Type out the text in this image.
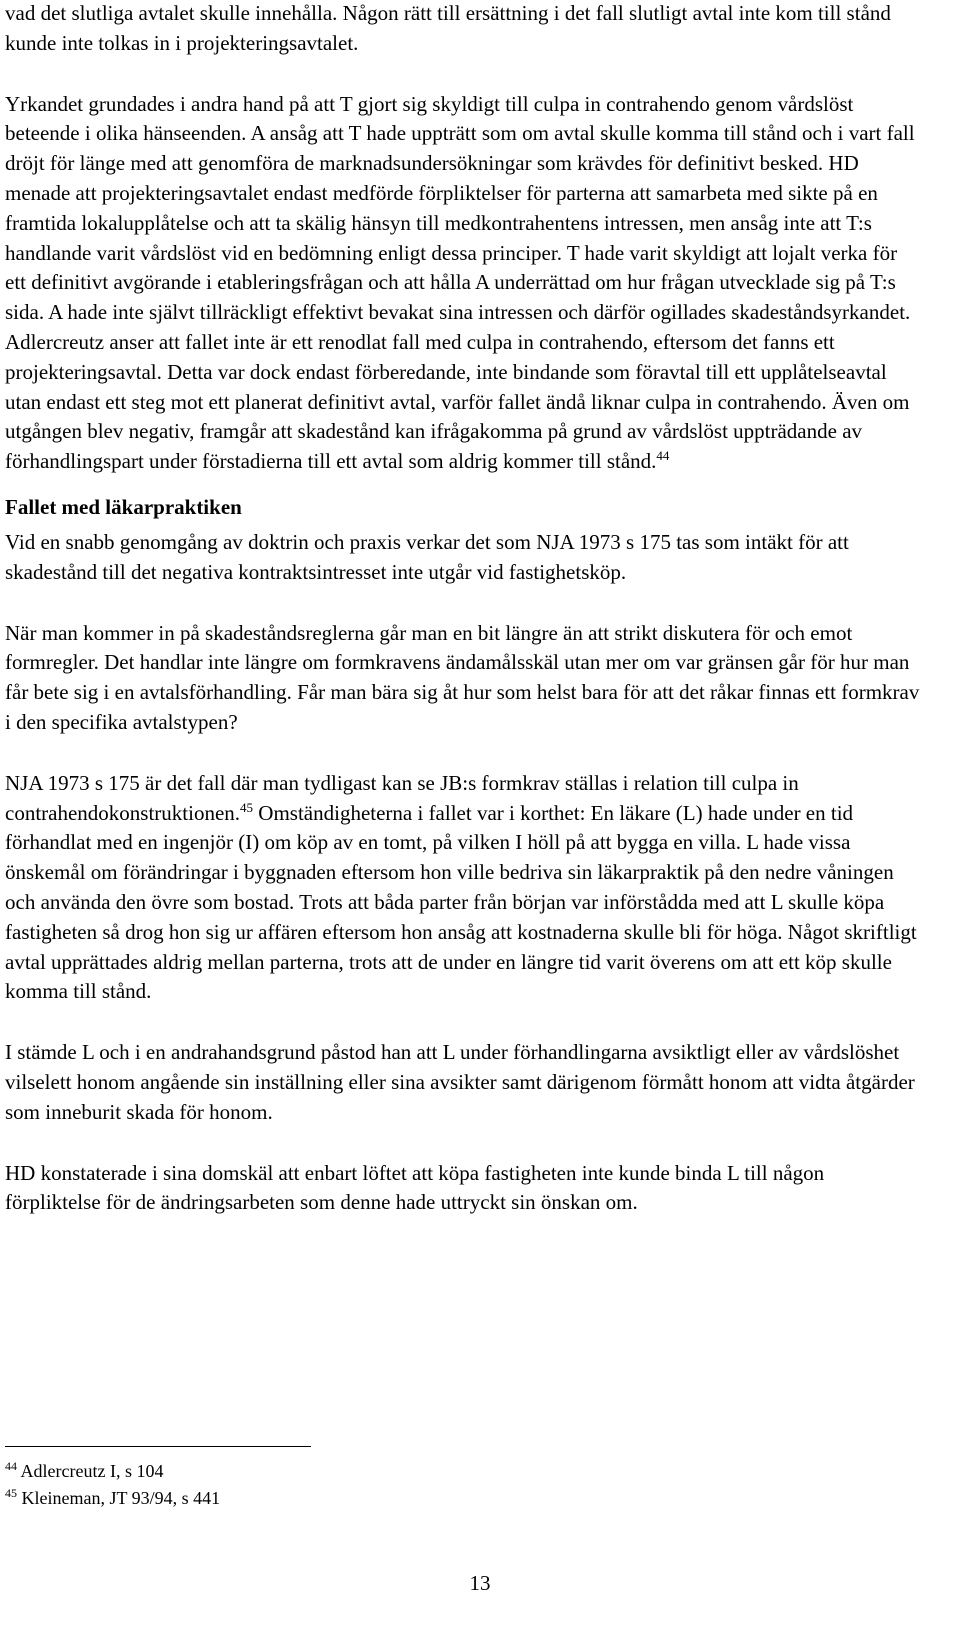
vad det slutliga avtalet skulle innehålla. Någon rätt till ersättning i det fall slutligt avtal inte kom till stånd kunde inte tolkas in i projekteringsavtalet.

Yrkandet grundades i andra hand på att T gjort sig skyldigt till culpa in contrahendo genom vårdslöst beteende i olika hänseenden. A ansåg att T hade uppträtt som om avtal skulle komma till stånd och i vart fall dröjt för länge med att genomföra de marknadsundersökningar som krävdes för definitivt besked. HD menade att projekteringsavtalet endast medförde förpliktelser för parterna att samarbeta med sikte på en framtida lokalupplåtelse och att ta skälig hänsyn till medkontrahentens intressen, men ansåg inte att T:s handlande varit vårdslöst vid en bedömning enligt dessa principer. T hade varit skyldigt att lojalt verka för ett definitivt avgörande i etableringsfrågan och att hålla A underrättad om hur frågan utvecklade sig på T:s sida. A hade inte självt tillräckligt effektivt bevakat sina intressen och därför ogillades skadeståndsyrkandet. Adlercreutz anser att fallet inte är ett renodlat fall med culpa in contrahendo, eftersom det fanns ett projekteringsavtal. Detta var dock endast förberedande, inte bindande som föravtal till ett upplåtelseavtal utan endast ett steg mot ett planerat definitivt avtal, varför fallet ändå liknar culpa in contrahendo. Även om utgången blev negativ, framgår att skadestånd kan ifrågakomma på grund av vårdslöst uppträdande av förhandlingspart under förstadierna till ett avtal som aldrig kommer till stånd.$^{44}$

Fallet med läkarpraktiken

Vid en snabb genomgång av doktrin och praxis verkar det som NJA 1973 s 175 tas som intäkt för att skadestånd till det negativa kontraktsintresset inte utgår vid fastighetsköp.

När man kommer in på skadeståndsreglerna går man en bit längre än att strikt diskutera för och emot formregler. Det handlar inte längre om formkravens ändamålsskäl utan mer om var gränsen går för hur man får bete sig i en avtalsförhandling. Får man bära sig åt hur som helst bara för att det råkar finnas ett formkrav i den specifika avtalstypen?

NJA 1973 s 175 är det fall där man tydligast kan se JB:s formkrav ställas i relation till culpa in contrahendokonstruktionen.$^{45}$ Omständigheterna i fallet var i korthet: En läkare (L) hade under en tid förhandlat med en ingenjör (I) om köp av en tomt, på vilken I höll på att bygga en villa. L hade vissa önskemål om förändringar i byggnaden eftersom hon ville bedriva sin läkarpraktik på den nedre våningen och använda den övre som bostad. Trots att båda parter från början var införstådda med att L skulle köpa fastigheten så drog hon sig ur affären eftersom hon ansåg att kostnaderna skulle bli för höga. Något skriftligt avtal upprättades aldrig mellan parterna, trots att de under en längre tid varit överens om att ett köp skulle komma till stånd.

I stämde L och i en andrahandsgrund påstod han att L under förhandlingarna avsiktligt eller av vårdslöshet vilselett honom angående sin inställning eller sina avsikter samt därigenom förmått honom att vidta åtgärder som inneburit skada för honom.

HD konstaterade i sina domskäl att enbart löftet att köpa fastigheten inte kunde binda L till någon förpliktelse för de ändringsarbeten som denne hade uttryckt sin önskan om.

$^{44}$ Adlercreutz I, s 104

$^{45}$ Kleineman, JT 93/94, s 441

13
